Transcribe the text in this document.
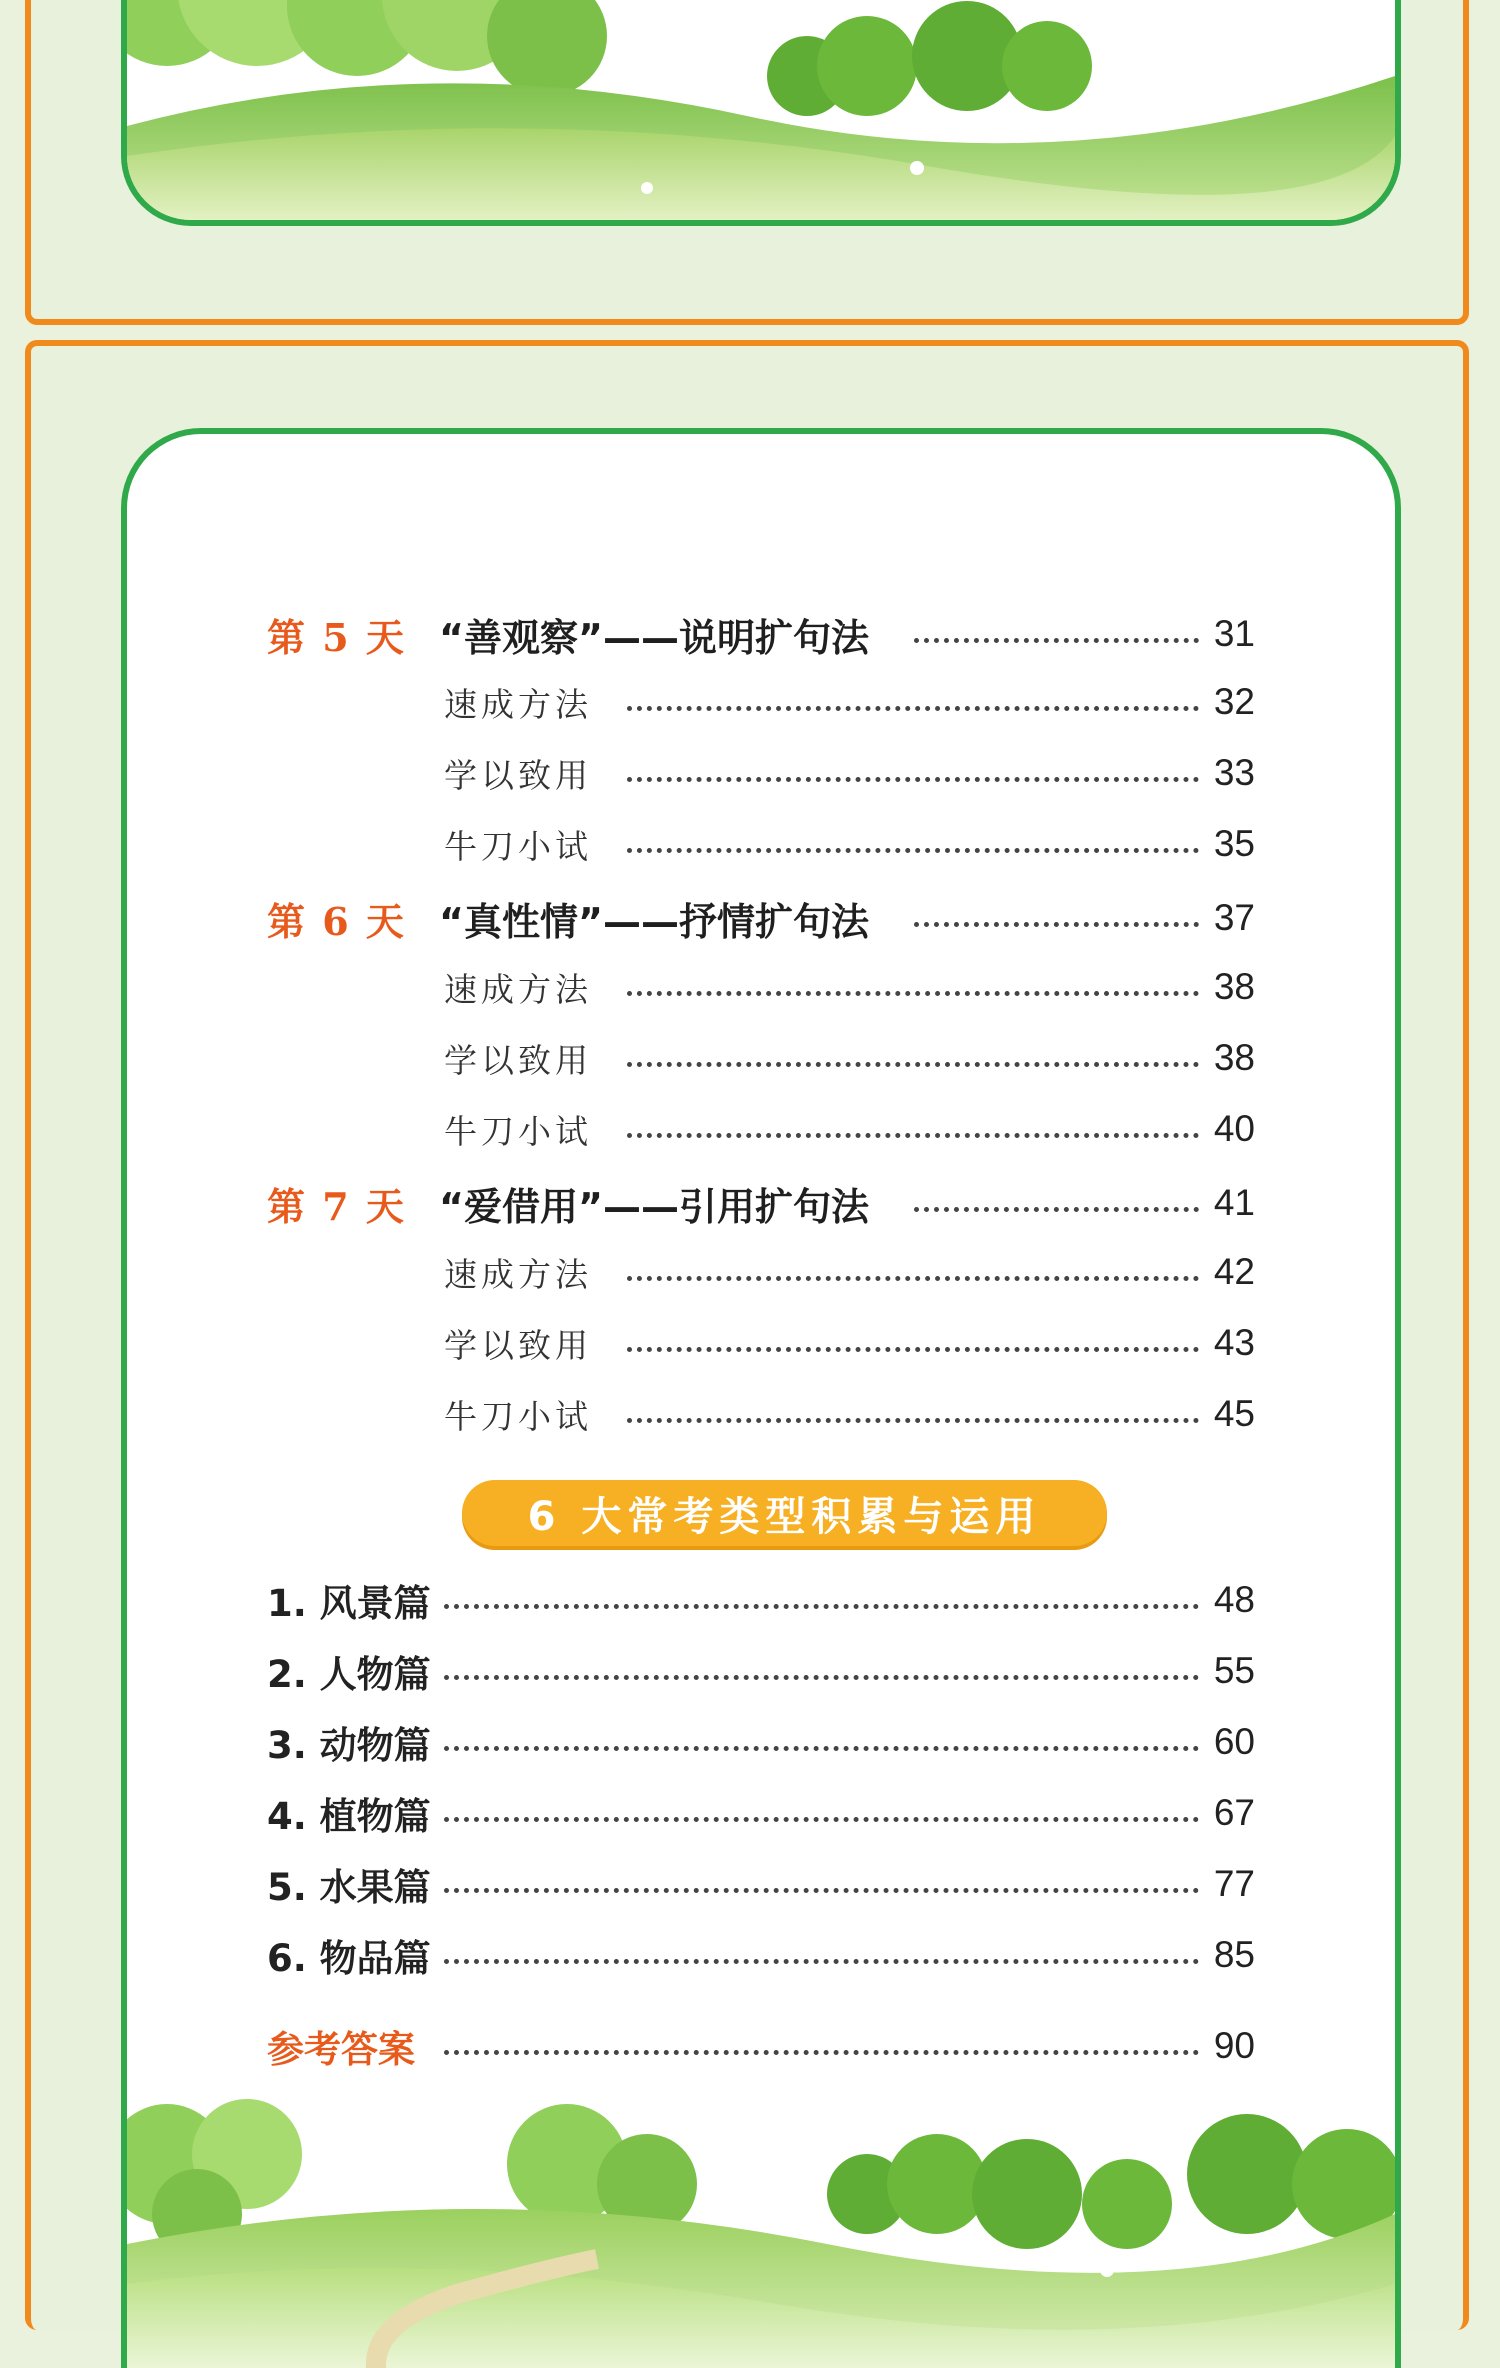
第 5 天 “善观察”——说明扩句法	31
速成方法	32
学以致用	33
牛刀小试	35
第 6 天 “真性情”——抒情扩句法	37
速成方法	38
学以致用	38
牛刀小试	40
第 7 天 “爱借用”——引用扩句法	41
速成方法	42
学以致用	43
牛刀小试	45
6 大常考类型积累与运用
1. 风景篇	48
2. 人物篇	55
3. 动物篇	60
4. 植物篇	67
5. 水果篇	77
6. 物品篇	85
参考答案	90
